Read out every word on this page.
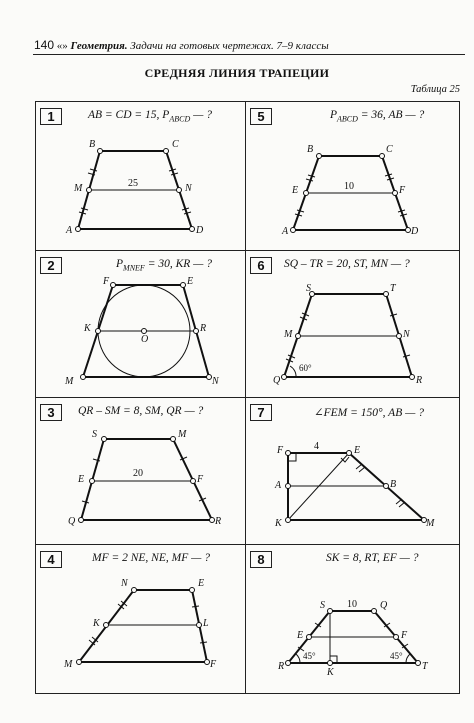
140 «» Геометрия. Задачи на готовых чертежах. 7–9 классы
СРЕДНЯЯ ЛИНИЯ ТРАПЕЦИИ
Таблица 25
1	AB = CD = 15, $P_{ABCD}$ — ?
B	C
M	N
A	D
25
5	$P_{ABCD} = 36$, AB — ?
B	C
E	F
A	D
10
2	$P_{MNEF} = 30$, KR — ?
F	E
K
O
R
M	N
6	SQ – TR = 20, ST, MN — ?
S	T
M	N
Q	R
60°
3	QR – SM = 8, SM, QR — ?
S	M
E	F
Q	R
20
7	∠FEM = 150°, AB — ?
F	E
A	B
K	M
4
4	MF = 2 NE, NE, MF — ?
N	E
K	L
M	F
8	SK = 8, RT, EF — ?
S	Q
E	F
R
K
T
10
45°	45°
